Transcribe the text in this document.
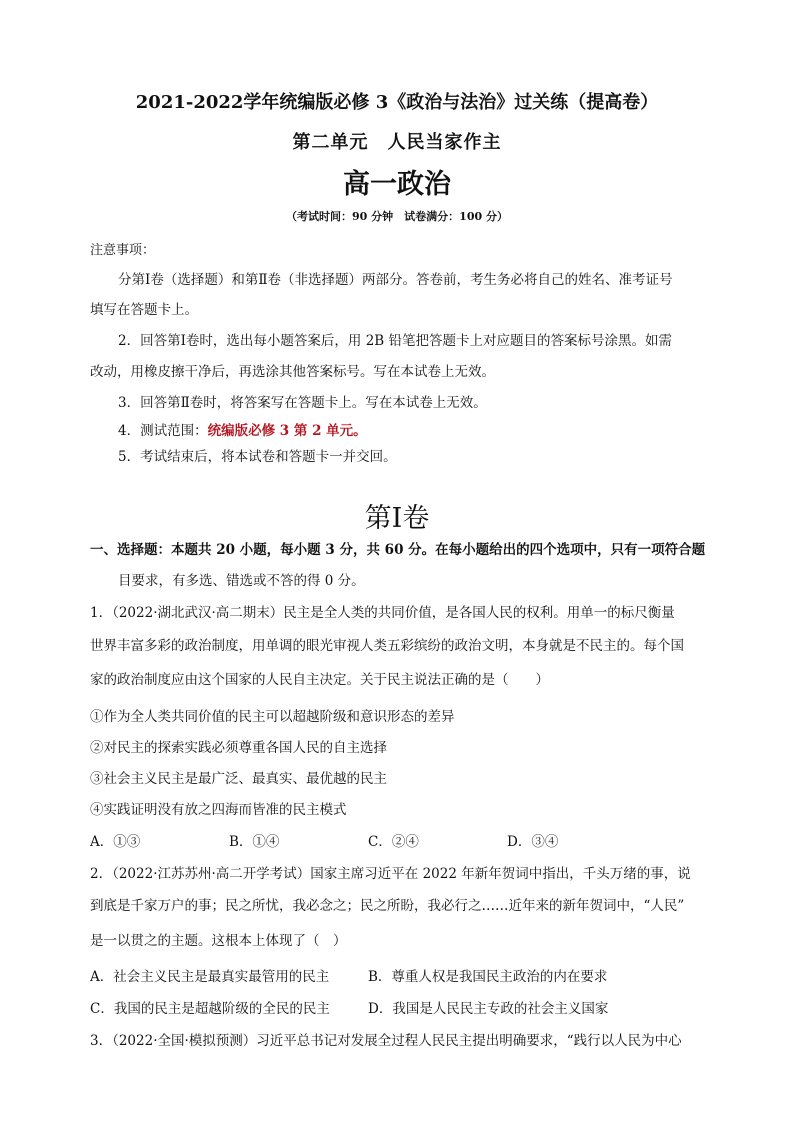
2021-2022学年统编版必修 3《政治与法治》过关练（提高卷）
第二单元　人民当家作主
高一政治
（考试时间：90 分钟　试卷满分：100 分）
注意事项：
分第Ⅰ卷（选择题）和第Ⅱ卷（非选择题）两部分。答卷前，考生务必将自己的姓名、准考证号
填写在答题卡上。
2．回答第Ⅰ卷时，选出每小题答案后，用 2B 铅笔把答题卡上对应题目的答案标号涂黑。如需
改动，用橡皮擦干净后，再选涂其他答案标号。写在本试卷上无效。
3．回答第Ⅱ卷时，将答案写在答题卡上。写在本试卷上无效。
4．测试范围：统编版必修 3 第 2 单元。
5．考试结束后，将本试卷和答题卡一并交回。
第Ⅰ卷
一、选择题：本题共 20 小题，每小题 3 分，共 60 分。在每小题给出的四个选项中，只有一项符合题
目要求，有多选、错选或不答的得 0 分。
1．（2022·湖北武汉·高二期末）民主是全人类的共同价值，是各国人民的权利。用单一的标尺衡量
世界丰富多彩的政治制度，用单调的眼光审视人类五彩缤纷的政治文明，本身就是不民主的。每个国
家的政治制度应由这个国家的人民自主决定。关于民主说法正确的是（　　）
①作为全人类共同价值的民主可以超越阶级和意识形态的差异
②对民主的探索实践必须尊重各国人民的自主选择
③社会主义民主是最广泛、最真实、最优越的民主
④实践证明没有放之四海而皆准的民主模式
A．①③	B．①④	C．②④	D．③④
2．（2022·江苏苏州·高二开学考试）国家主席习近平在 2022 年新年贺词中指出，千头万绪的事，说
到底是千家万户的事；民之所忧，我必念之；民之所盼，我必行之……近年来的新年贺词中，“人民”
是一以贯之的主题。这根本上体现了（　）
A．社会主义民主是最真实最管用的民主	B．尊重人权是我国民主政治的内在要求
C．我国的民主是超越阶级的全民的民主	D．我国是人民民主专政的社会主义国家
3．（2022·全国·模拟预测）习近平总书记对发展全过程人民民主提出明确要求，“践行以人民为中心
